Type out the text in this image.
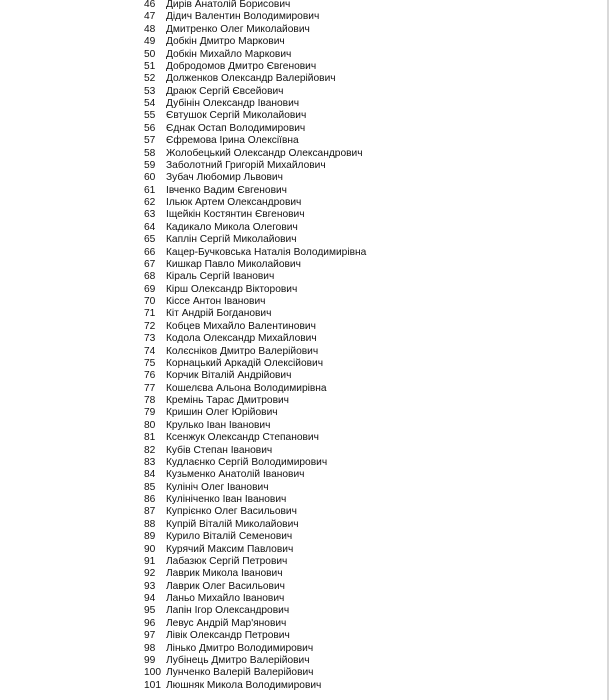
46	Дирів Анатолій Борисович
47	Дідич Валентин Володимирович
48	Дмитренко Олег Миколайович
49	Добкін Дмитро Маркович
50	Добкін Михайло Маркович
51	Добродомов Дмитро Євгенович
52	Долженков Олександр Валерійович
53	Драюк Сергій Євсейович
54	Дубінін Олександр Іванович
55	Євтушок Сергій Миколайович
56	Єднак Остап Володимирович
57	Єфремова Ірина Олексіївна
58	Жолобецький Олександр Олександрович
59	Заболотний Григорій Михайлович
60	Зубач Любомир Львович
61	Івченко Вадим Євгенович
62	Ільюк Артем Олександрович
63	Іщейкін Костянтин Євгенович
64	Кадикало Микола Олегович
65	Каплін Сергій Миколайович
66	Кацер-Бучковська Наталія Володимирівна
67	Кишкар Павло Миколайович
68	Кіраль Сергій Іванович
69	Кірш Олександр Вікторович
70	Кіссе Антон Іванович
71	Кіт Андрій Богданович
72	Кобцев Михайло Валентинович
73	Кодола Олександр Михайлович
74	Колєсніков Дмитро Валерійович
75	Корнацький Аркадій Олексійович
76	Корчик Віталій Андрійович
77	Кошелєва Альона Володимирівна
78	Кремінь Тарас Дмитрович
79	Кришин Олег Юрійович
80	Крулько Іван Іванович
81	Ксенжук Олександр Степанович
82	Кубів Степан Іванович
83	Кудлаєнко Сергій Володимирович
84	Кузьменко Анатолій Іванович
85	Кулініч Олег Іванович
86	Кулініченко Іван Іванович
87	Купрієнко Олег Васильович
88	Купрій Віталій Миколайович
89	Курило Віталій Семенович
90	Курячий Максим Павлович
91	Лабазюк Сергій Петрович
92	Лаврик Микола Іванович
93	Лаврик Олег Васильович
94	Ланьо Михайло Іванович
95	Лапін Ігор Олександрович
96	Левус Андрій Мар'янович
97	Лівік Олександр Петрович
98	Лінько Дмитро Володимирович
99	Лубінець Дмитро Валерійович
100 Лунченко Валерій Валерійович
101 Люшняк Микола Володимирович
